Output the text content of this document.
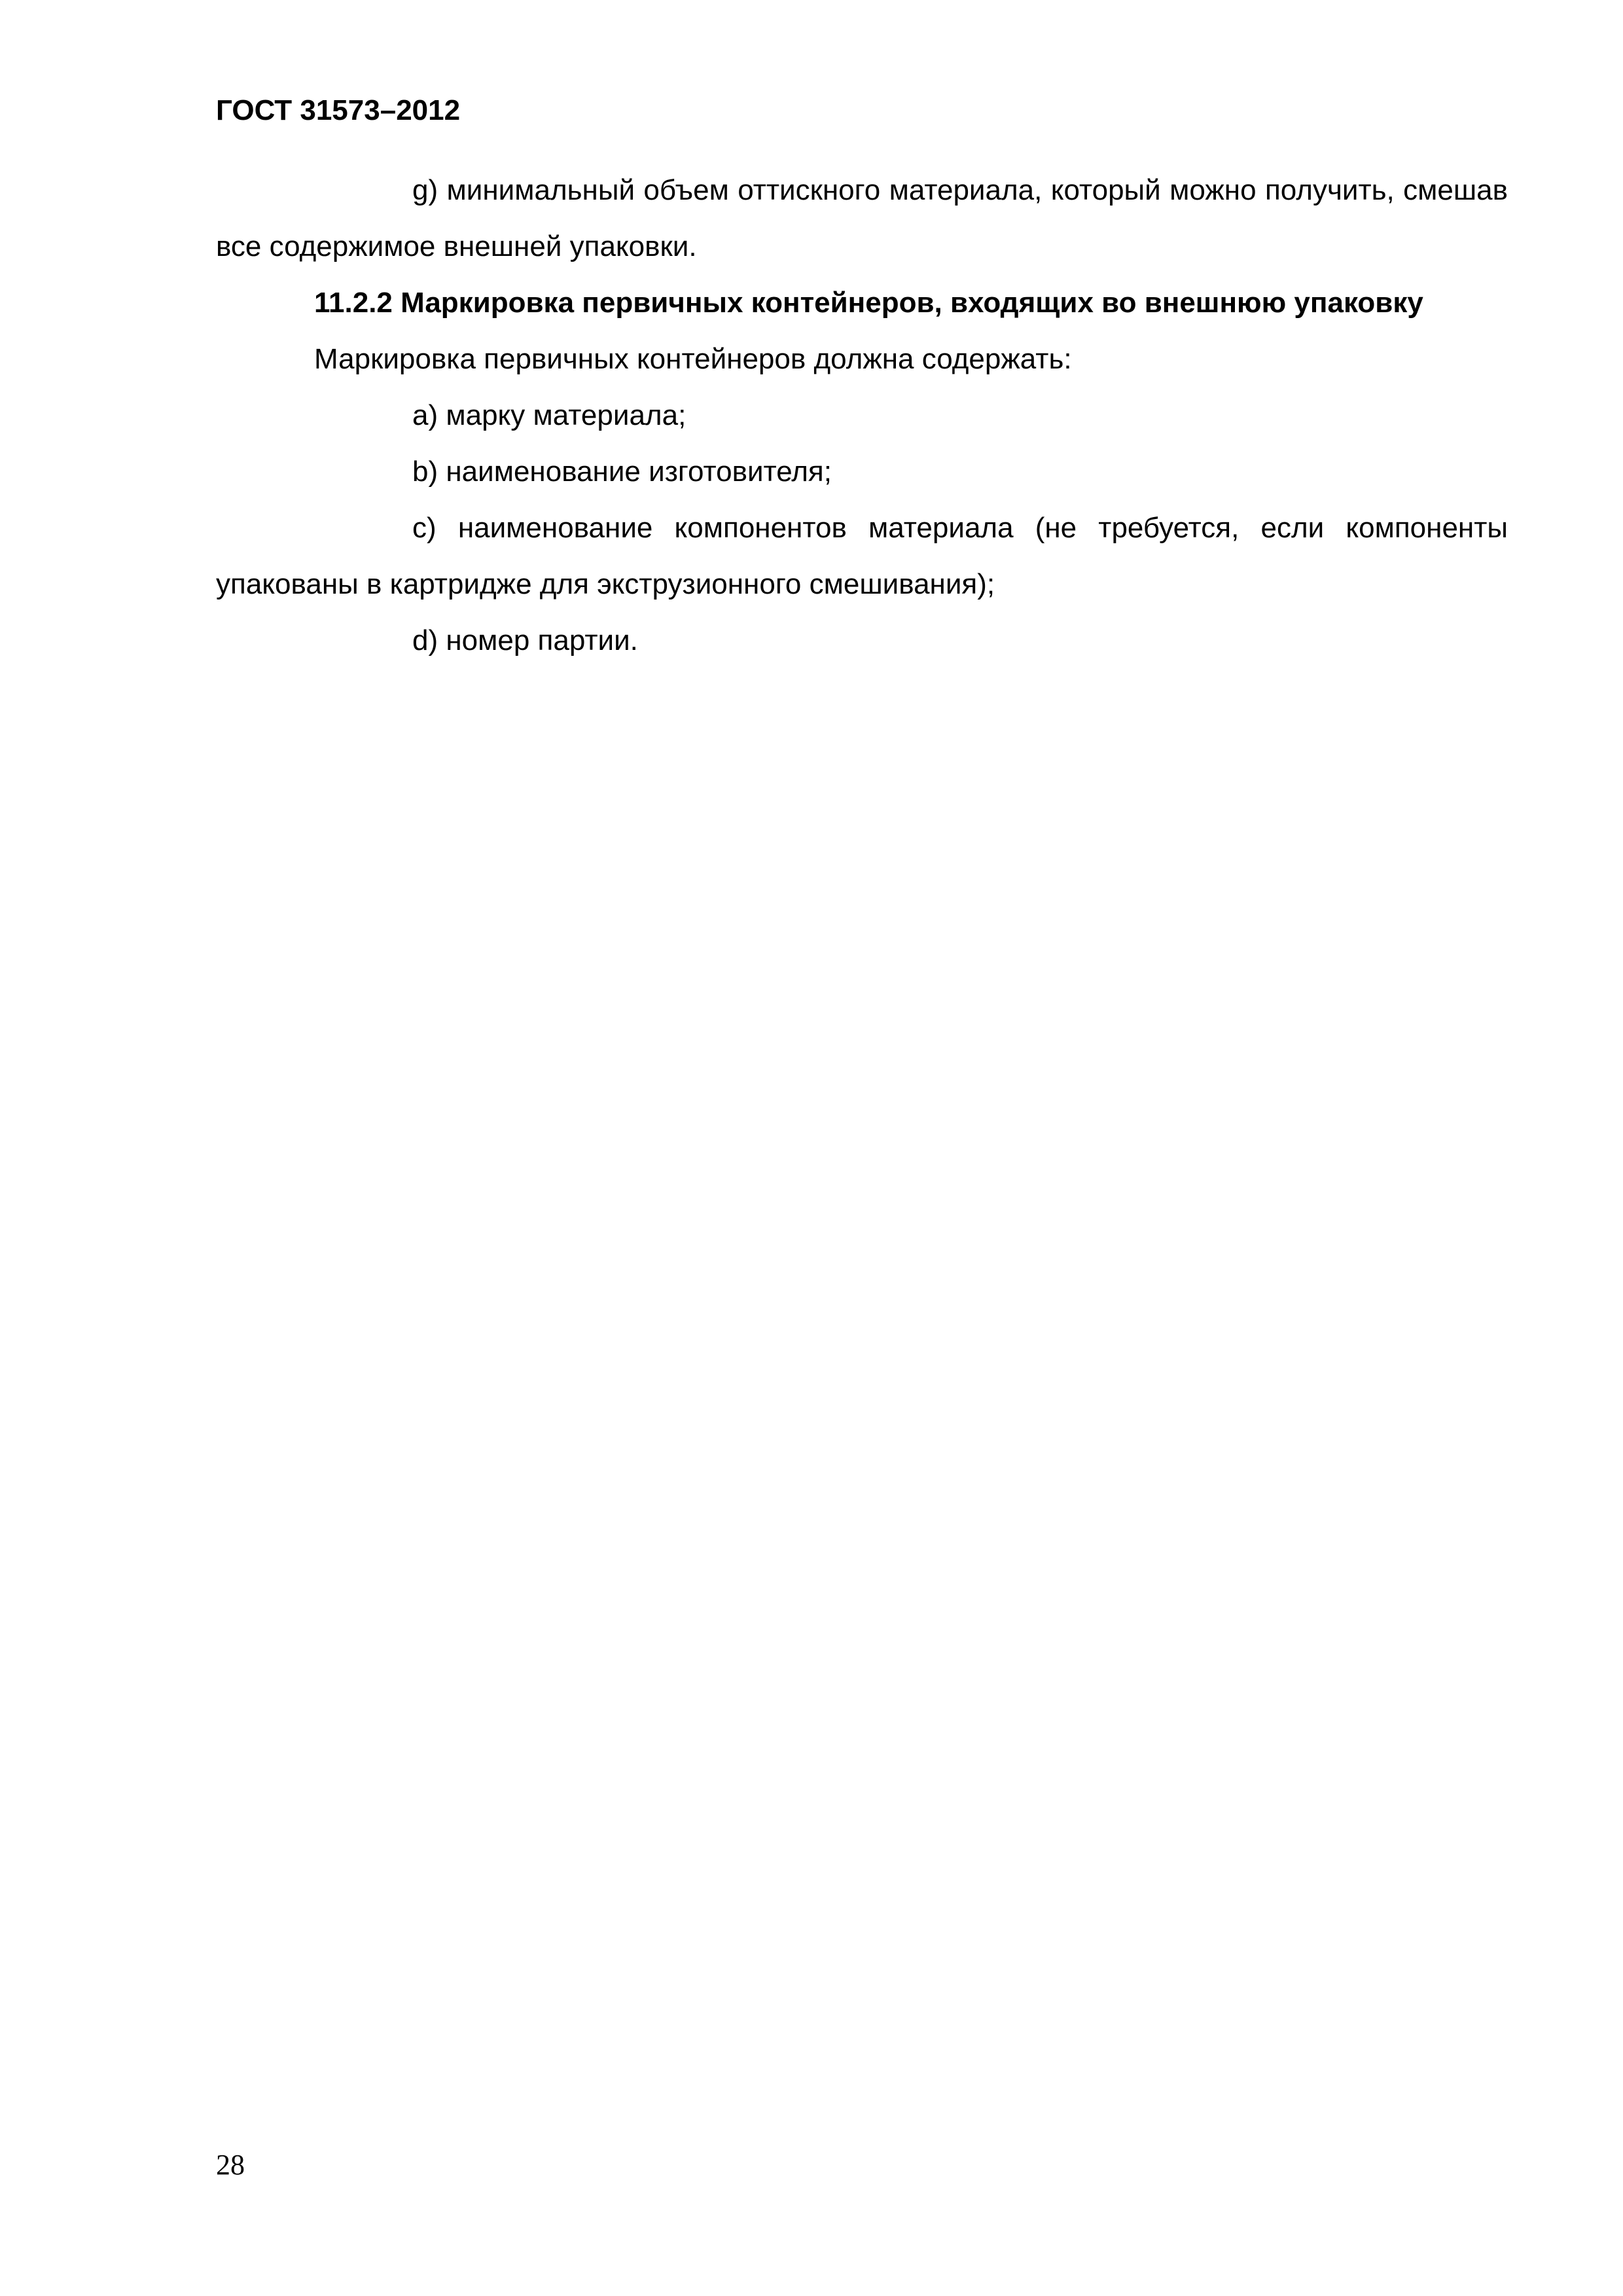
ГОСТ 31573–2012

g) минимальный объем оттискного материала, который можно получить, смешав все содержимое внешней упаковки.

11.2.2 Маркировка первичных контейнеров, входящих во внешнюю упаковку

Маркировка первичных контейнеров должна содержать:

a) марку материала;

b) наименование изготовителя;

c) наименование компонентов материала (не требуется, если компоненты упакованы в картридже для экструзионного смешивания);

d) номер партии.

28
